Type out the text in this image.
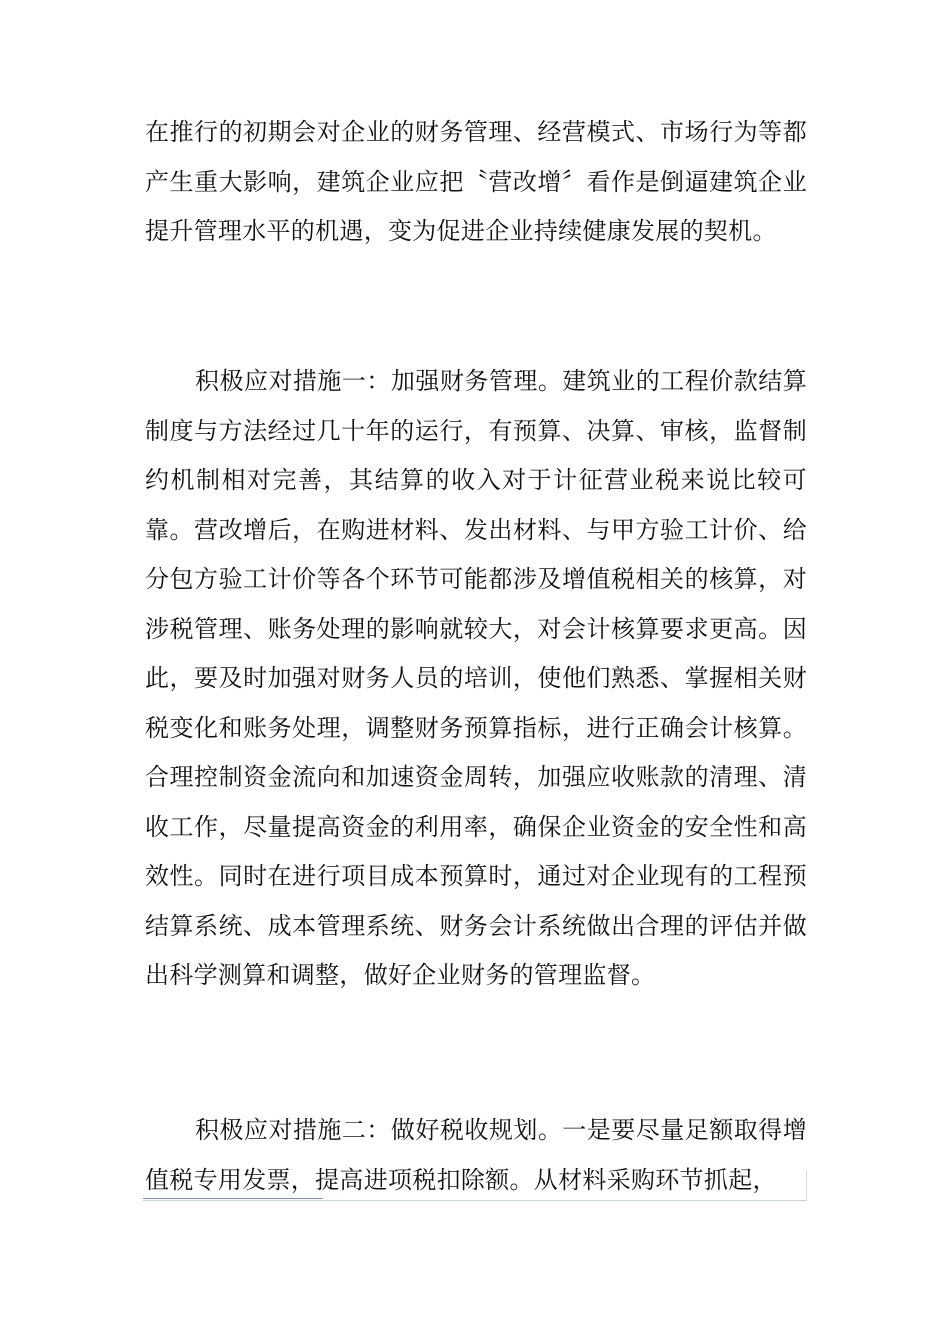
在推行的初期会对企业的财务管理、经营模式、市场行为等都产生重大影响，建筑企业应把〝营改增〞看作是倒逼建筑企业提升管理水平的机遇，变为促进企业持续健康发展的契机。

积极应对措施一：加强财务管理。建筑业的工程价款结算制度与方法经过几十年的运行，有预算、决算、审核，监督制约机制相对完善，其结算的收入对于计征营业税来说比较可靠。营改增后，在购进材料、发出材料、与甲方验工计价、给分包方验工计价等各个环节可能都涉及增值税相关的核算，对涉税管理、账务处理的影响就较大，对会计核算要求更高。因此，要及时加强对财务人员的培训，使他们熟悉、掌握相关财税变化和账务处理，调整财务预算指标，进行正确会计核算。合理控制资金流向和加速资金周转，加强应收账款的清理、清收工作，尽量提高资金的利用率，确保企业资金的安全性和高效性。同时在进行项目成本预算时，通过对企业现有的工程预结算系统、成本管理系统、财务会计系统做出合理的评估并做出科学测算和调整，做好企业财务的管理监督。

积极应对措施二：做好税收规划。一是要尽量足额取得增值税专用发票，提高进项税扣除额。从材料采购环节抓起，
